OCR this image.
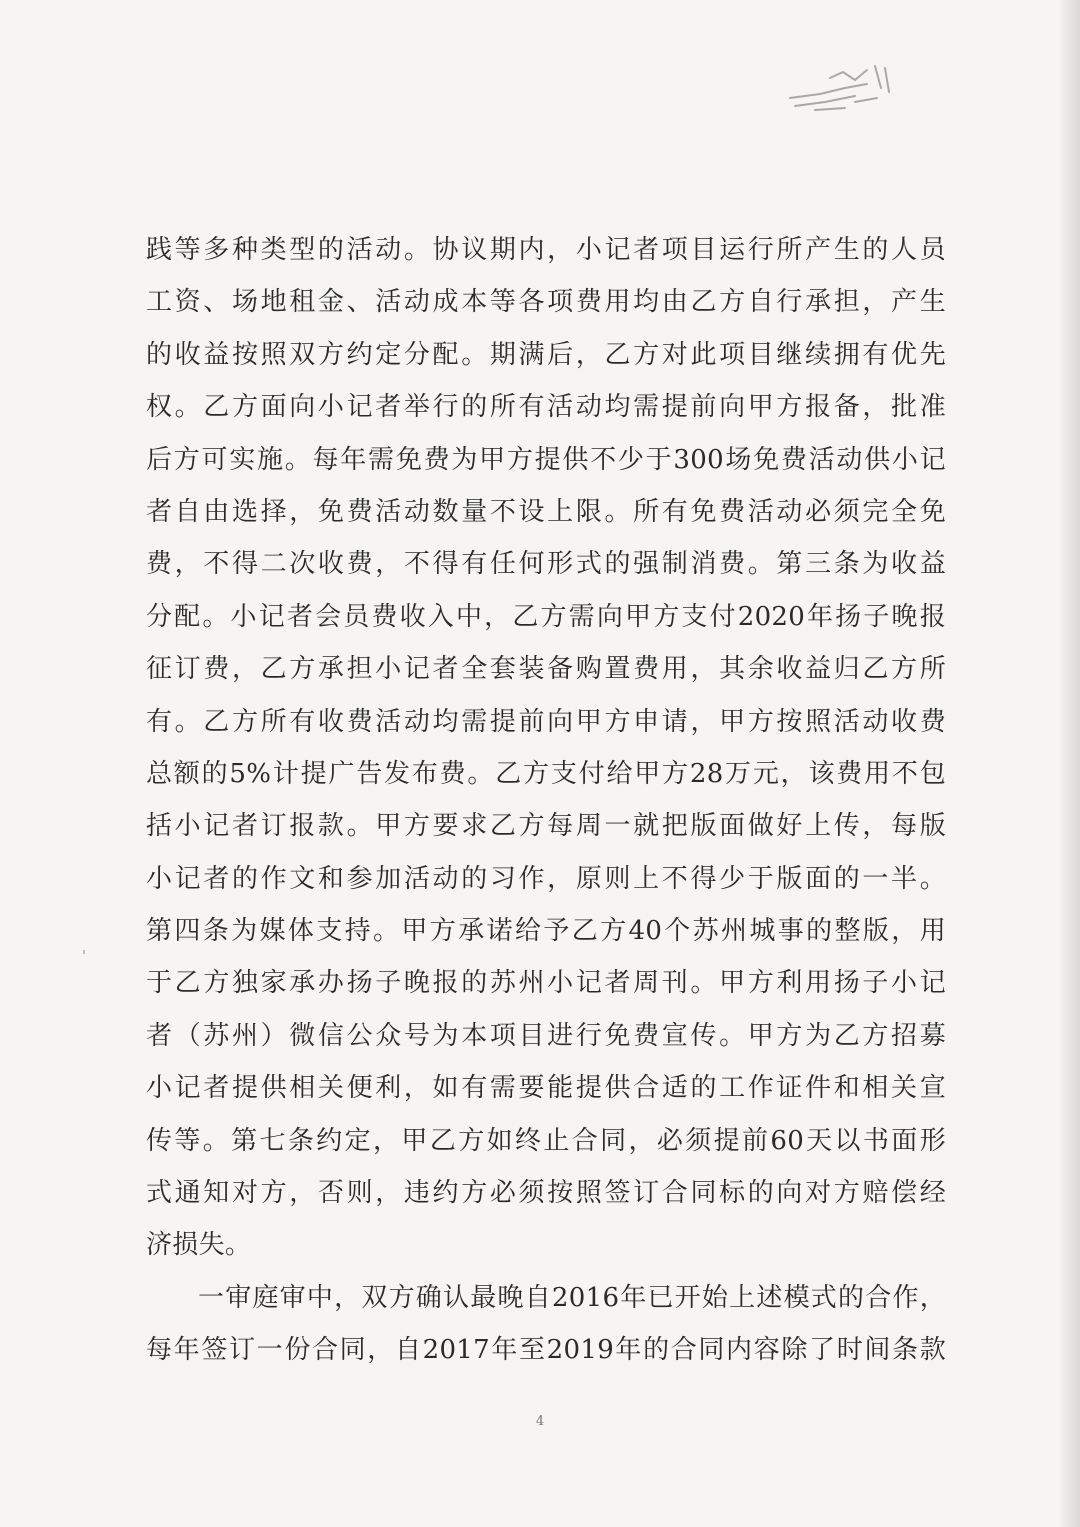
践等多种类型的活动。协议期内，小记者项目运行所产生的人员
工资、场地租金、活动成本等各项费用均由乙方自行承担，产生
的收益按照双方约定分配。期满后，乙方对此项目继续拥有优先
权。乙方面向小记者举行的所有活动均需提前向甲方报备，批准
后方可实施。每年需免费为甲方提供不少于300场免费活动供小记
者自由选择，免费活动数量不设上限。所有免费活动必须完全免
费，不得二次收费，不得有任何形式的强制消费。第三条为收益
分配。小记者会员费收入中，乙方需向甲方支付2020年扬子晚报
征订费，乙方承担小记者全套装备购置费用，其余收益归乙方所
有。乙方所有收费活动均需提前向甲方申请，甲方按照活动收费
总额的5%计提广告发布费。乙方支付给甲方28万元，该费用不包
括小记者订报款。甲方要求乙方每周一就把版面做好上传，每版
小记者的作文和参加活动的习作，原则上不得少于版面的一半。
第四条为媒体支持。甲方承诺给予乙方40个苏州城事的整版，用
于乙方独家承办扬子晚报的苏州小记者周刊。甲方利用扬子小记
者（苏州）微信公众号为本项目进行免费宣传。甲方为乙方招募
小记者提供相关便利，如有需要能提供合适的工作证件和相关宣
传等。第七条约定，甲乙方如终止合同，必须提前60天以书面形
式通知对方，否则，违约方必须按照签订合同标的向对方赔偿经
济损失。
一审庭审中，双方确认最晚自2016年已开始上述模式的合作，
每年签订一份合同，自2017年至2019年的合同内容除了时间条款
4
